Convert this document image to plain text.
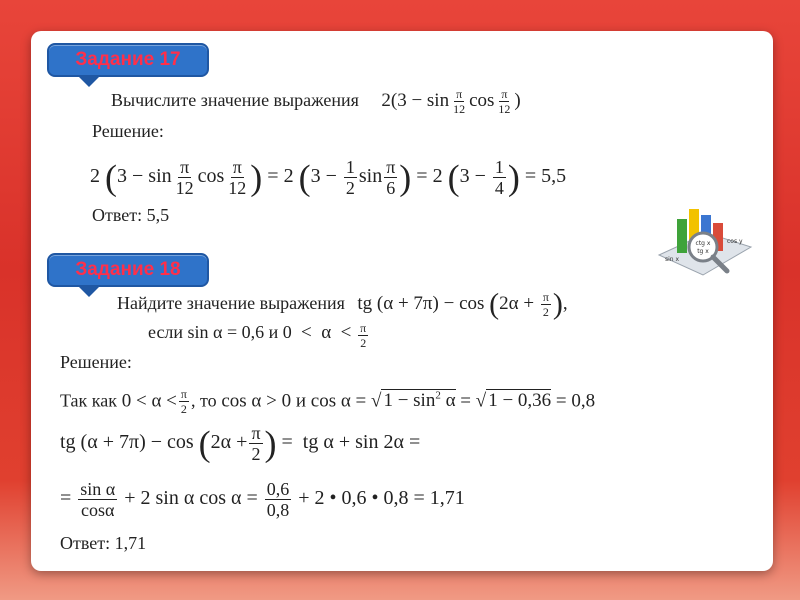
Задание 17
Вычислите значение выражения $2(3 - \sin \frac{\pi}{12}$ $\cos \frac{\pi}{12}$ )
Решение:
2 ($3 - \sin \frac{\pi}{12}$ $\cos \frac{\pi}{12}$ ) = 2 ($3 - \frac{1}{2}$ $\sin \frac{\pi}{6}$ ) = 2 ($3 - \frac{1}{4}$ ) = 5,5
Ответ: 5,5
ctg x
tg x
sin x
cos y
Задание 18
Найдите значение выражения tg $(\alpha + 7\pi) - \cos (2\alpha + \frac{\pi}{2}$ ),
если sin α = 0,6 и $0 < \alpha < \frac{\pi}{2}$
Решение:
Так как $0 < \alpha < \frac{\pi}{2}$ , то cos α > 0 и cos α = √ $1 - \sin^2 \alpha$ = √ 1 − 0,36 = 0,8
tg $(\alpha + 7\pi) - \cos (2\alpha + \frac{\pi}{2}$ ) =  tg α + sin 2α =
= $\frac{\text{sin α}}{\cos\alpha} + 2$ sin α $\cos \alpha = \frac{0,6}{0,8} + 2$ • 0,6 • 0,8 = 1,71
Ответ: 1,71
